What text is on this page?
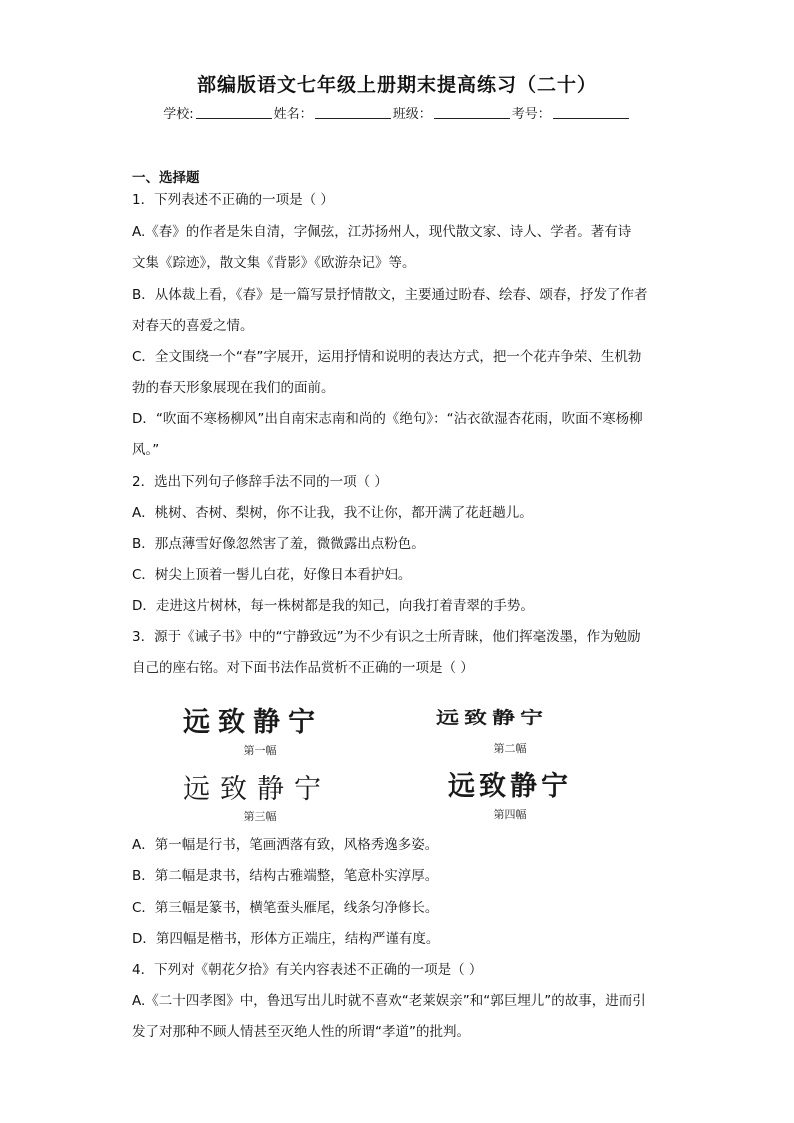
部编版语文七年级上册期末提高练习（二十）
学校:	姓名：	班级：	考号：
一、选择题
1．下列表述不正确的一项是（ ）
A.《春》的作者是朱自清，字佩弦，江苏扬州人，现代散文家、诗人、学者。著有诗
文集《踪迹》，散文集《背影》《欧游杂记》等。
B．从体裁上看，《春》是一篇写景抒情散文，主要通过盼春、绘春、颂春，抒发了作者
对春天的喜爱之情。
C．全文围绕一个“春”字展开，运用抒情和说明的表达方式，把一个花卉争荣、生机勃
勃的春天形象展现在我们的面前。
D．“吹面不寒杨柳风”出自南宋志南和尚的《绝句》：“沾衣欲湿杏花雨，吹面不寒杨柳
风。”
2．选出下列句子修辞手法不同的一项（ ）
A．桃树、杏树、梨树，你不让我，我不让你，都开满了花赶趟儿。
B．那点薄雪好像忽然害了羞，微微露出点粉色。
C．树尖上顶着一髻儿白花，好像日本看护妇。
D．走进这片树林，每一株树都是我的知己，向我打着青翠的手势。
3．源于《诫子书》中的“宁静致远”为不少有识之士所青睐，他们挥毫泼墨，作为勉励
自己的座右铭。对下面书法作品赏析不正确的一项是（ ）
远致静宁
第一幅
远致静宁
第二幅
远致静宁
第三幅
远致静宁
第四幅
A．第一幅是行书，笔画洒落有致，风格秀逸多姿。
B．第二幅是隶书，结构古雅端整，笔意朴实淳厚。
C．第三幅是篆书，横笔蚕头雁尾，线条匀净修长。
D．第四幅是楷书，形体方正端庄，结构严谨有度。
4．下列对《朝花夕拾》有关内容表述不正确的一项是（ ）
A.《二十四孝图》中，鲁迅写出儿时就不喜欢“老莱娱亲”和“郭巨埋儿”的故事，进而引
发了对那种不顾人情甚至灭绝人性的所谓“孝道”的批判。
